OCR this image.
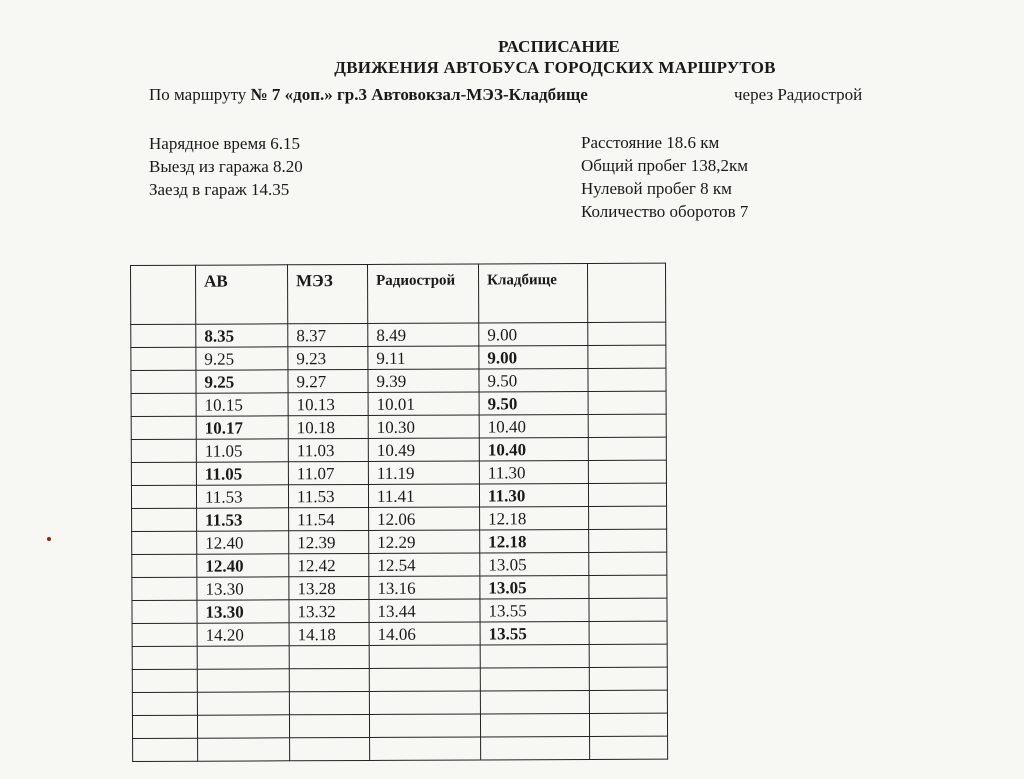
РАСПИСАНИЕ
ДВИЖЕНИЯ АВТОБУСА ГОРОДСКИХ МАРШРУТОВ
По маршруту № 7 «доп.» гр.3 Автовокзал-МЭЗ-Кладбище	через Радиострой
Нарядное время 6.15
Выезд из гаража 8.20
Заезд в гараж 14.35
Расстояние 18.6 км
Общий пробег 138,2км
Нулевой пробег 8 км
Количество оборотов 7
	АВ	МЭЗ	Радиострой	Кладбище	
	8.35	8.37	8.49	9.00	
	9.25	9.23	9.11	9.00	
	9.25	9.27	9.39	9.50	
	10.15	10.13	10.01	9.50	
	10.17	10.18	10.30	10.40	
	11.05	11.03	10.49	10.40	
	11.05	11.07	11.19	11.30	
	11.53	11.53	11.41	11.30	
	11.53	11.54	12.06	12.18	
	12.40	12.39	12.29	12.18	
	12.40	12.42	12.54	13.05	
	13.30	13.28	13.16	13.05	
	13.30	13.32	13.44	13.55	
	14.20	14.18	14.06	13.55	
